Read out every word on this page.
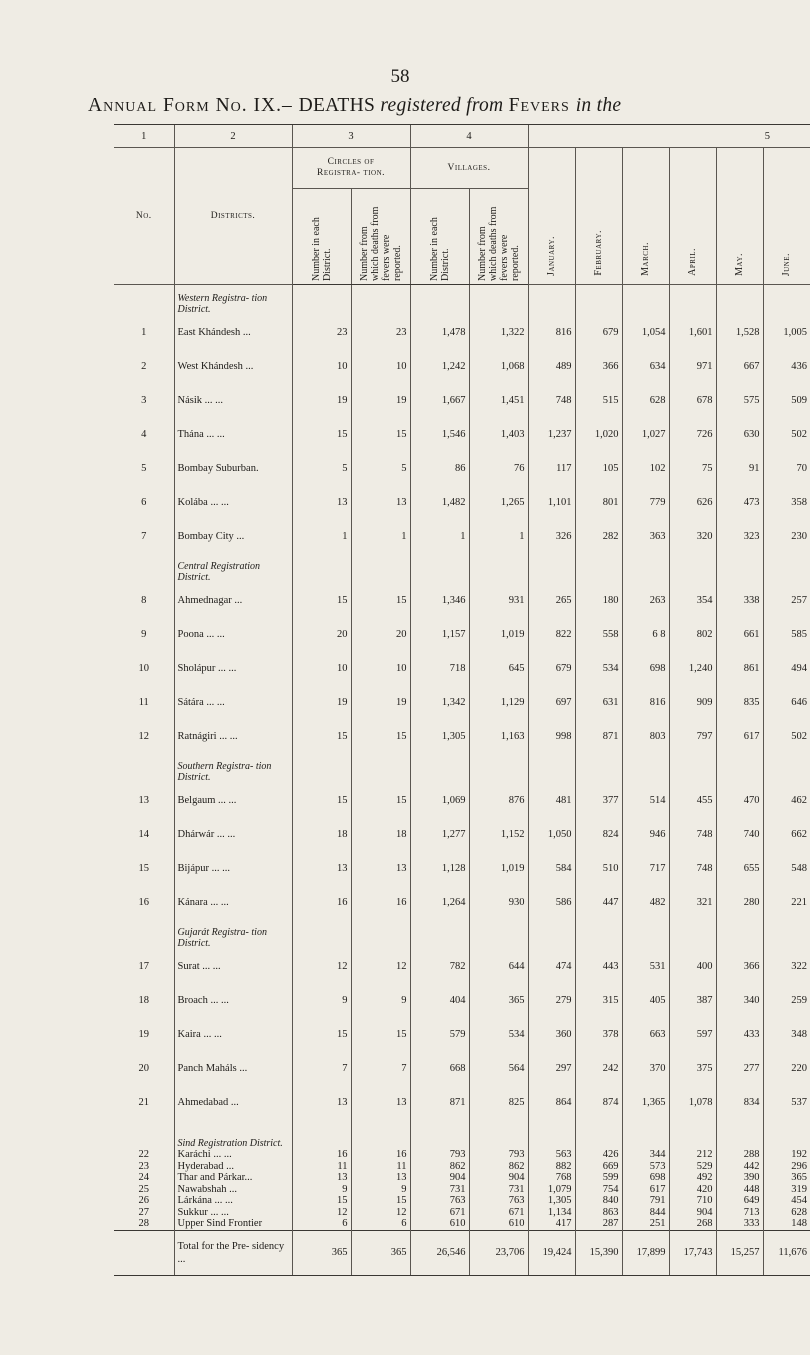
58
Annual Form No. IX.– DEATHS registered from Fevers in the
1	2	3		4		5					
No.	Districts.	Circles of Registra- tion.		Villages.		January.	February.	March.	April.	May.	June.
		Number in each District.	Number from which deaths from fevers were reported.	Number in each District.	Number from which deaths from fevers were reported.						
	Western Registra- tion District.										
1	East Khándesh ...	23	23	1,478	1,322	816	679	1,054	1,601	1,528	1,005
2	West Khándesh ...	10	10	1,242	1,068	489	366	634	971	667	436
3	Násik ... ...	19	19	1,667	1,451	748	515	628	678	575	509
4	Thána ... ...	15	15	1,546	1,403	1,237	1,020	1,027	726	630	502
5	Bombay Suburban.	5	5	86	76	117	105	102	75	91	70
6	Kolába ... ...	13	13	1,482	1,265	1,101	801	779	626	473	358
7	Bombay City ...	1	1	1	1	326	282	363	320	323	230
	Central Registration District.										
8	Ahmednagar ...	15	15	1,346	931	265	180	263	354	338	257
9	Poona ... ...	20	20	1,157	1,019	822	558	6 8	802	661	585
10	Sholápur ... ...	10	10	718	645	679	534	698	1,240	861	494
11	Sátára ... ...	19	19	1,342	1,129	697	631	816	909	835	646
12	Ratnágiri ... ...	15	15	1,305	1,163	998	871	803	797	617	502
	Southern Registra- tion District.										
13	Belgaum ... ...	15	15	1,069	876	481	377	514	455	470	462
14	Dhárwár ... ...	18	18	1,277	1,152	1,050	824	946	748	740	662
15	Bijápur ... ...	13	13	1,128	1,019	584	510	717	748	655	548
16	Kánara ... ...	16	16	1,264	930	586	447	482	321	280	221
	Gujarát Registra- tion District.										
17	Surat ... ...	12	12	782	644	474	443	531	400	366	322
18	Broach ... ...	9	9	404	365	279	315	405	387	340	259
19	Kaira ... ...	15	15	579	534	360	378	663	597	433	348
20	Panch Maháls ...	7	7	668	564	297	242	370	375	277	220
21	Ahmedabad ...	13	13	871	825	864	874	1,365	1,078	834	537
	Sind Registration District.										
22	Karáchi ... ...	16	16	793	793	563	426	344	212	288	192
23	Hyderabad ...	11	11	862	862	882	669	573	529	442	296
24	Thar and Párkar...	13	13	904	904	768	599	698	492	390	365
25	Nawabshah ...	9	9	731	731	1,079	754	617	420	448	319
26	Lárkána ... ...	15	15	763	763	1,305	840	791	710	649	454
27	Sukkur ... ...	12	12	671	671	1,134	863	844	904	713	628
28	Upper Sind Frontier	6	6	610	610	417	287	251	268	333	148
	Total for the Pre- sidency ...	365	365	26,546	23,706	19,424	15,390	17,899	17,743	15,257	11,676
